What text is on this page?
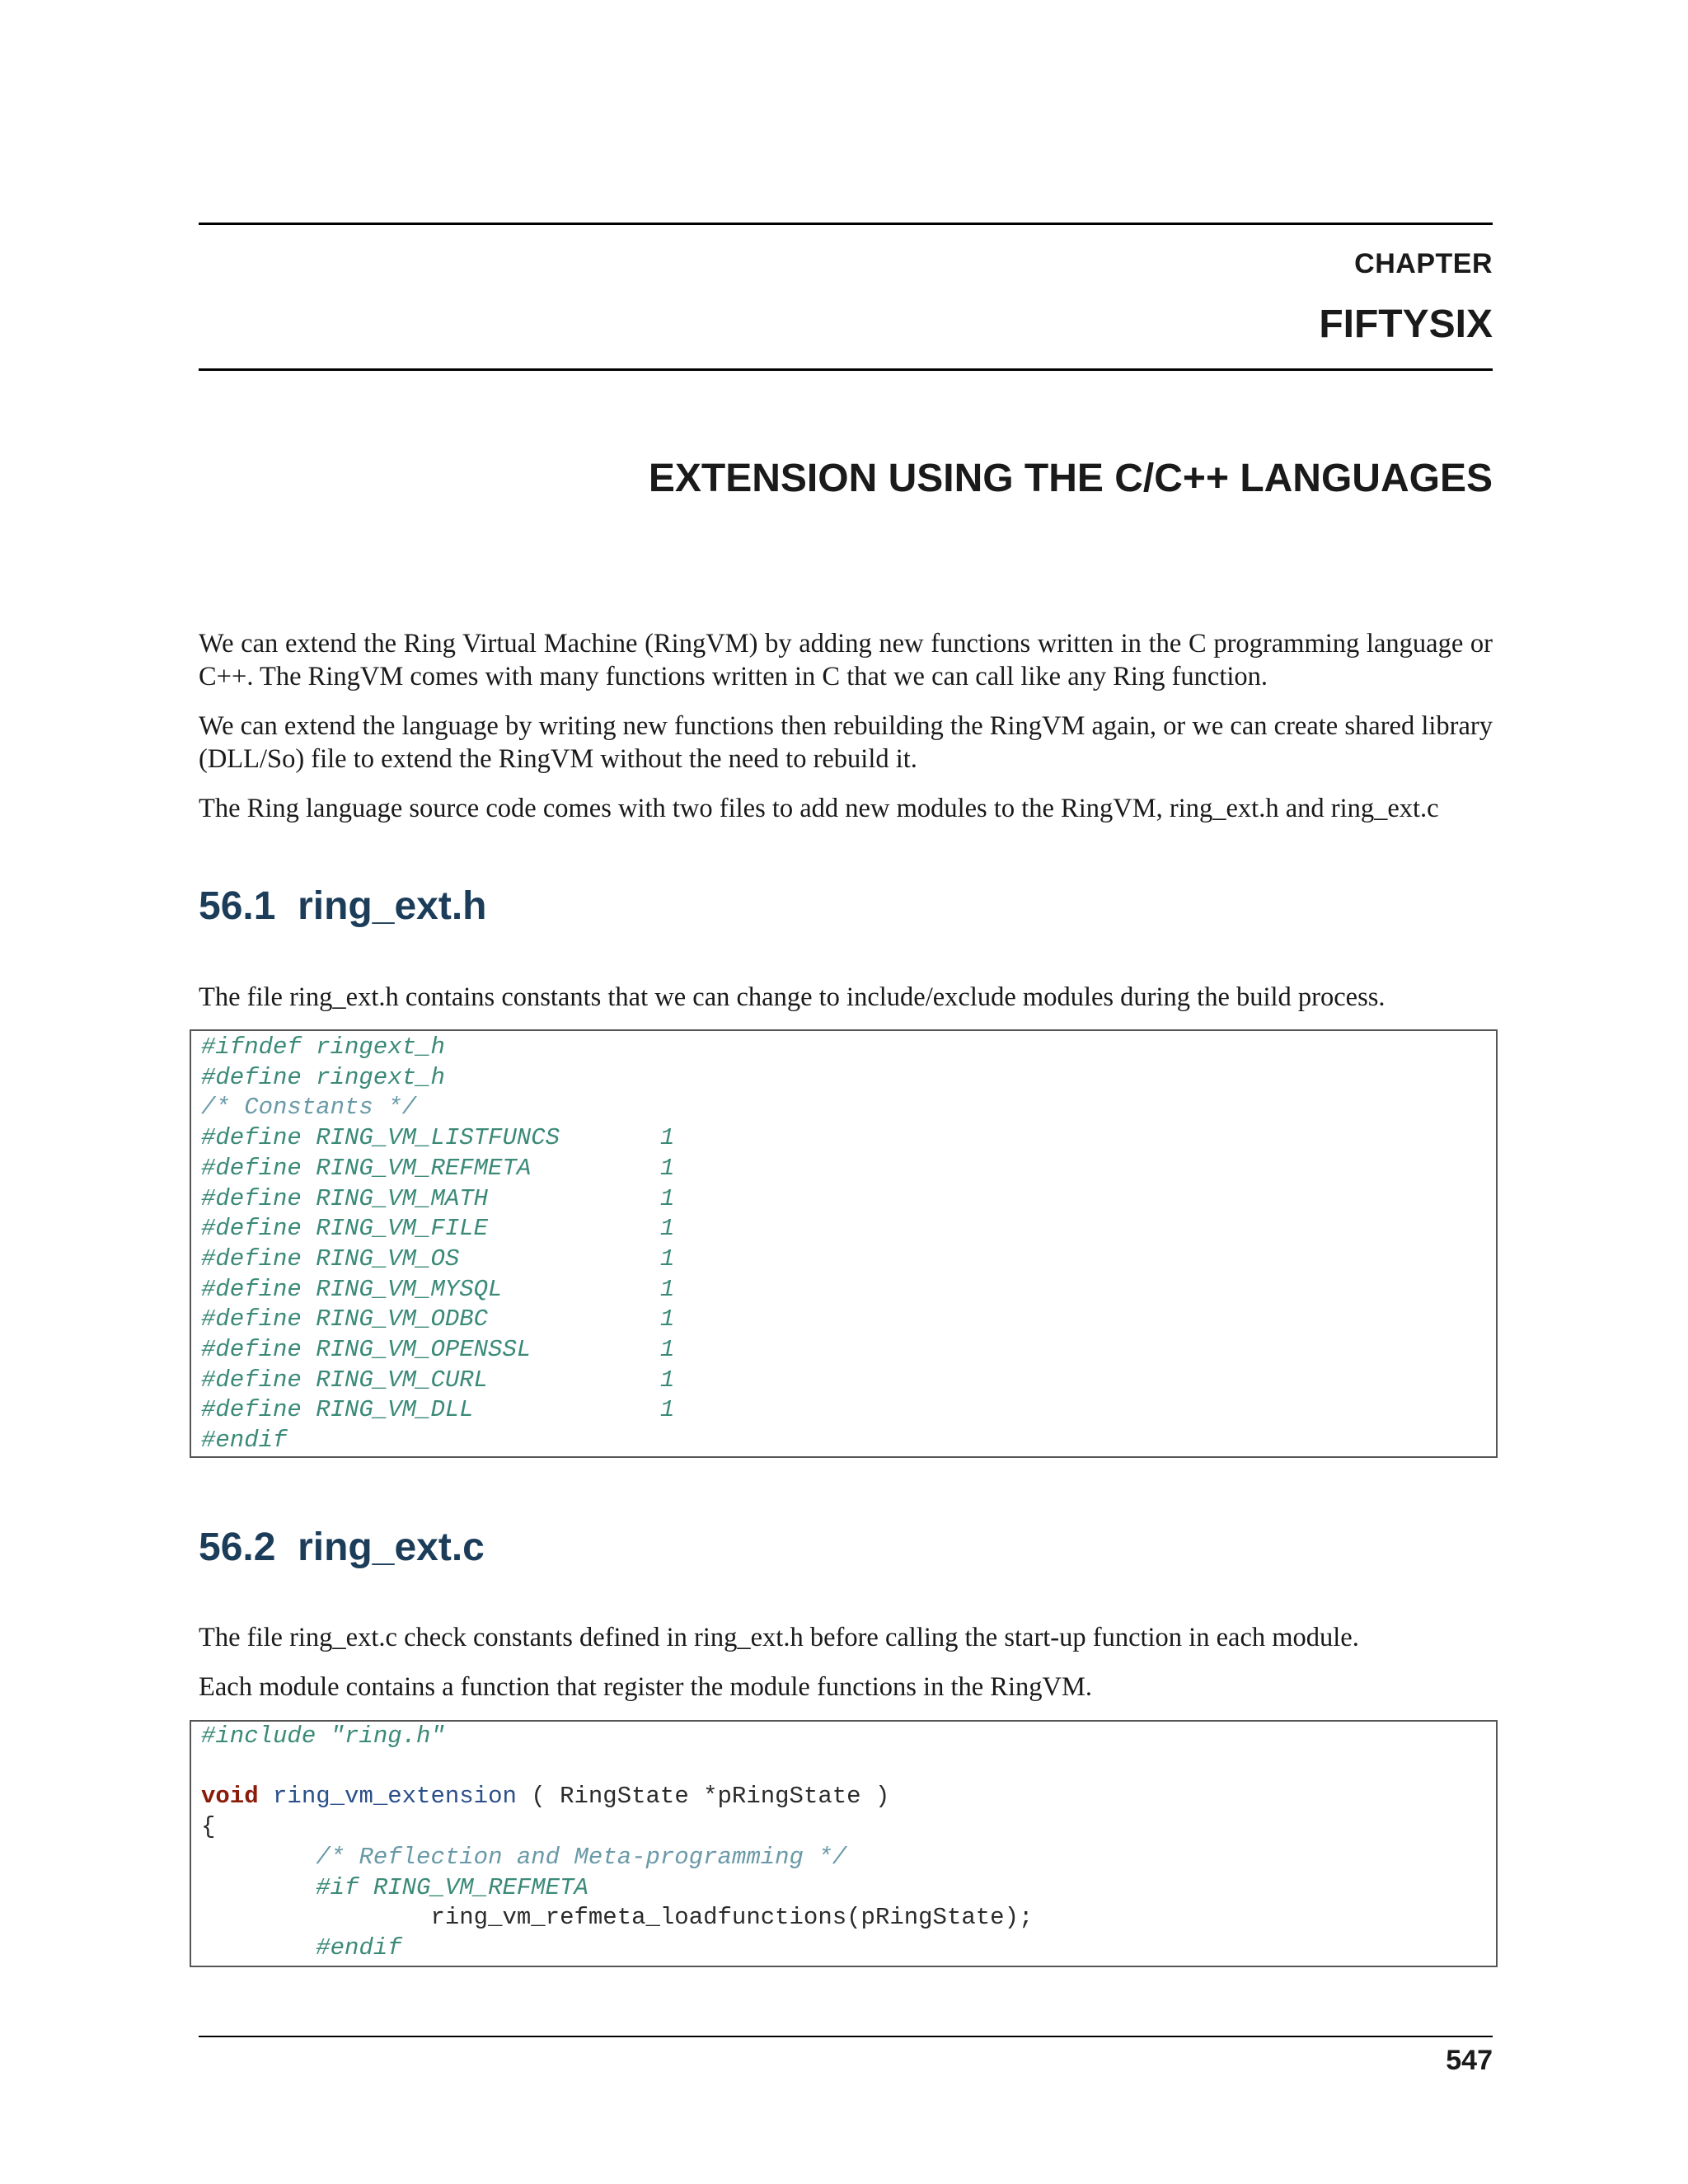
CHAPTER
FIFTYSIX
EXTENSION USING THE C/C++ LANGUAGES

We can extend the Ring Virtual Machine (RingVM) by adding new functions written in the C programming language or C++. The RingVM comes with many functions written in C that we can call like any Ring function.

We can extend the language by writing new functions then rebuilding the RingVM again, or we can create shared library (DLL/So) file to extend the RingVM without the need to rebuild it.

The Ring language source code comes with two files to add new modules to the RingVM, ring_ext.h and ring_ext.c

56.1 ring_ext.h

The file ring_ext.h contains constants that we can change to include/exclude modules during the build process.

#ifndef ringext_h
#define ringext_h
/* Constants */
#define RING_VM_LISTFUNCS       1
#define RING_VM_REFMETA         1
#define RING_VM_MATH            1
#define RING_VM_FILE            1
#define RING_VM_OS              1
#define RING_VM_MYSQL           1
#define RING_VM_ODBC            1
#define RING_VM_OPENSSL         1
#define RING_VM_CURL            1
#define RING_VM_DLL             1
#endif
56.2 ring_ext.c

The file ring_ext.c check constants defined in ring_ext.h before calling the start-up function in each module.

Each module contains a function that register the module functions in the RingVM.

#include "ring.h"

void ring_vm_extension ( RingState *pRingState )
{
/* Reflection and Meta-programming */
#if RING_VM_REFMETA
ring_vm_refmeta_loadfunctions(pRingState);
#endif
547
